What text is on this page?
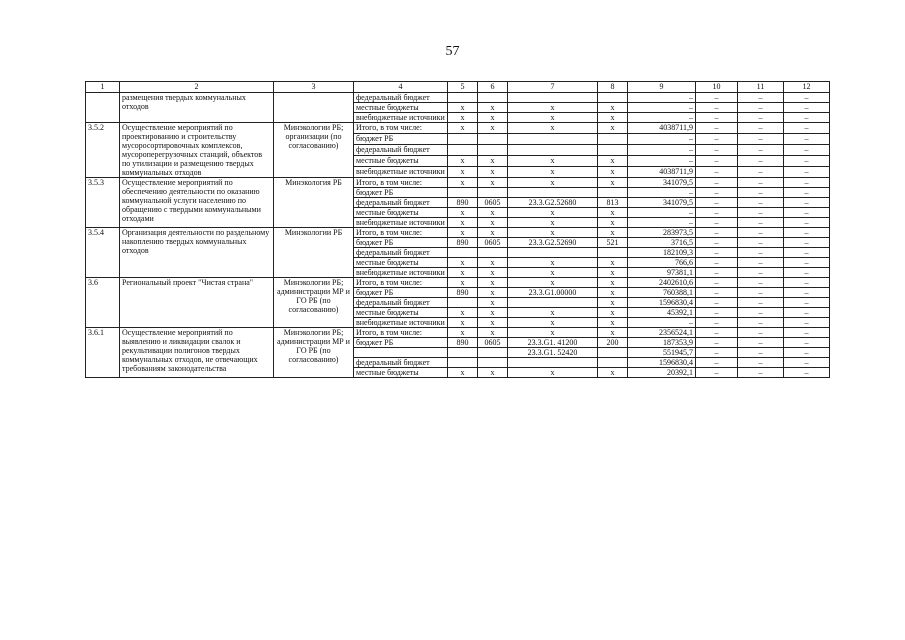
57
1	2	3	4	5	6	7	8	9	10	11	12
	размещения твердых коммунальных отходов		федеральный бюджет					–	–	–	–
			местные бюджеты	х	х	х	х	–	–	–	–
			внебюджетные источники	х	х	х	х	–	–	–	–
3.5.2	Осуществление мероприятий по проектированию и строительству мусоросортировочных комплексов, мусороперегрузочных станций, объектов по утилизации и размещению твердых коммунальных отходов	Минэкологии РБ; организации (по согласованию)	Итого, в том числе:	х	х	х	х	4038711,9	–	–	–
			бюджет РБ					–	–	–	–
			федеральный бюджет					–	–	–	–
			местные бюджеты	х	х	х	х	–	–	–	–
			внебюджетные источники	х	х	х	х	4038711,9	–	–	–
3.5.3	Осуществление мероприятий по обеспечению деятельности по оказанию коммунальной услуги населению по обращению с твердыми коммунальными отходами	Минэкология РБ	Итого, в том числе:	х	х	х	х	341079,5	–	–	–
			бюджет РБ					–	–	–	–
			федеральный бюджет	890	0605	23.3.G2.52680	813	341079,5	–	–	–
			местные бюджеты	х	х	х	х	–	–	–	–
			внебюджетные источники	х	х	х	х	–	–	–	–
3.5.4	Организация деятельности по раздельному накоплению твердых коммунальных отходов	Минэкологии РБ	Итого, в том числе:	х	х	х	х	283973,5	–	–	–
			бюджет РБ	890	0605	23.3.G2.52690	521	3716,5	–	–	–
			федеральный бюджет					182109,3	–	–	–
			местные бюджеты	х	х	х	х	766,6	–	–	–
			внебюджетные источники	х	х	х	х	97381,1	–	–	–
3.6	Региональный проект "Чистая страна"	Минэкологии РБ; администрации МР и ГО РБ (по согласованию)	Итого, в том числе:	х	х	х	х	2402610,6	–	–	–
			бюджет РБ	890	х	23.3.G1.00000	х	760388,1	–	–	–
			федеральный бюджет		х		х	1596830,4	–	–	–
			местные бюджеты	х	х	х	х	45392,1	–	–	–
			внебюджетные источники	х	х	х	х	–	–	–	–
3.6.1	Осуществление мероприятий по выявлению и ликвидации свалок и рекультивации полигонов твердых коммунальных отходов, не отвечающих требованиям законодательства	Минэкологии РБ; администрации МР и ГО РБ (по согласованию)	Итого, в том числе:	х	х	х	х	2356524,1	–	–	–
			бюджет РБ	890	0605	23.3.G1. 41200	200	187353,9	–	–	–
						23.3.G1. 52420		551945,7	–	–	–
			федеральный бюджет					1596830,4	–	–	–
			местные бюджеты	х	х	х	х	20392,1	–	–	–
